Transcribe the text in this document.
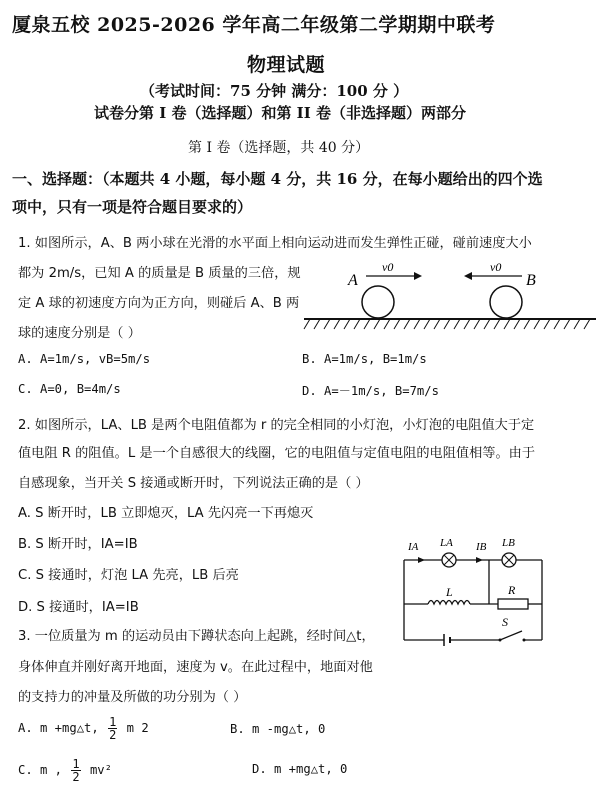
厦泉五校 2025-2026 学年高二年级第二学期期中联考
物理试题
（考试时间：75 分钟 满分：100 分 ）
试卷分第 I 卷（选择题）和第 II 卷（非选择题）两部分
第 I 卷（选择题，共 40 分）
一、选择题：（本题共 4 小题，每小题 4 分，共 16 分，在每小题给出的四个选
项中，只有一项是符合题目要求的）
1. 如图所示，A、B 两小球在光滑的水平面上相向运动进而发生弹性正碰，碰前速度大小
都为 2m/s，已知 A 的质量是 B 质量的三倍，规
定 A 球的初速度方向为正方向，则碰后 A、B 两
球的速度分别是（ ）
A	B
v0	v0
A. A=1m/s, vB=5m/s	B. A=1m/s, B=1m/s
C. A=0, B=4m/s	D. A=－1m/s, B=7m/s
2. 如图所示，LA、LB 是两个电阻值都为 r 的完全相同的小灯泡，小灯泡的电阻值大于定
值电阻 R 的阻值。L 是一个自感很大的线圈，它的电阻值与定值电阻的电阻值相等。由于
自感现象，当开关 S 接通或断开时，下列说法正确的是（ ）
A. S 断开时，LB 立即熄灭，LA 先闪亮一下再熄灭
B. S 断开时，IA=IB
C. S 接通时，灯泡 LA 先亮，LB 后亮
D. S 接通时，IA=IB
IA LA IB LB
L	R
S
3. 一位质量为 m 的运动员由下蹲状态向上起跳，经时间△t，
身体伸直并刚好离开地面，速度为 v。在此过程中，地面对他
的支持力的冲量及所做的功分别为（ ）
A. m +mg△t, $\frac{1}{2}$ m 2	B. m -mg△t, 0
C. m , $\frac{1}{2} mv^2$	D. m +mg△t, 0
